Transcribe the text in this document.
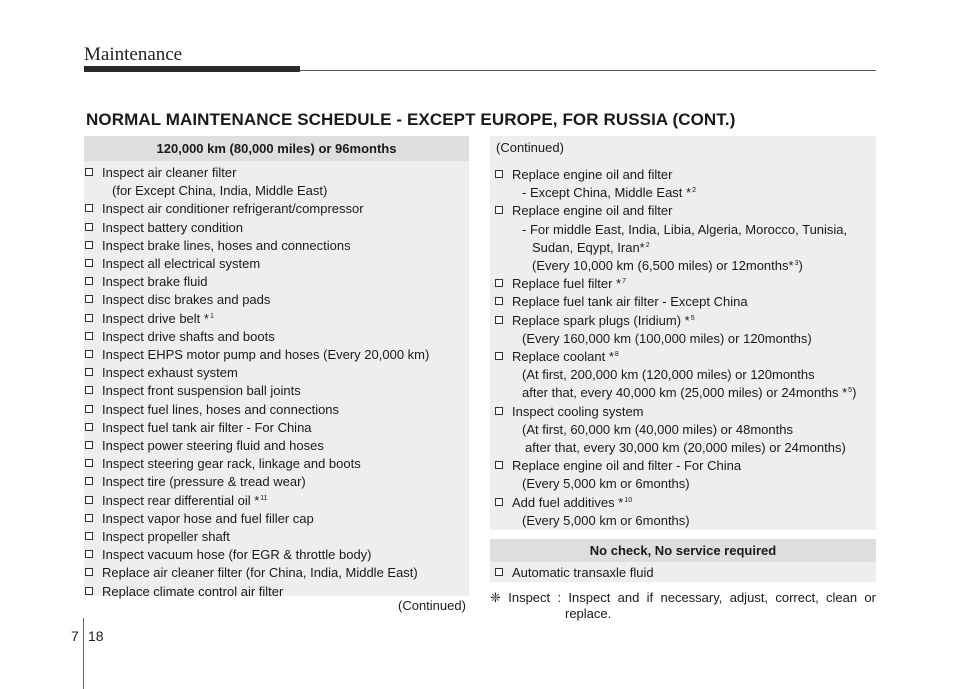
Maintenance
NORMAL MAINTENANCE SCHEDULE - EXCEPT EUROPE, FOR RUSSIA (CONT.)
120,000 km (80,000 miles) or 96months
Inspect air cleaner filter
(for Except China, India, Middle East)
Inspect air conditioner refrigerant/compressor
Inspect battery condition
Inspect brake lines, hoses and connections
Inspect all electrical system
Inspect brake fluid
Inspect disc brakes and pads
Inspect drive belt *$^1$
Inspect drive shafts and boots
Inspect EHPS motor pump and hoses (Every 20,000 km)
Inspect exhaust system
Inspect front suspension ball joints
Inspect fuel lines, hoses and connections
Inspect fuel tank air filter - For China
Inspect power steering fluid and hoses
Inspect steering gear rack, linkage and boots
Inspect tire (pressure & tread wear)
Inspect rear differential oil *$^{11}$
Inspect vapor hose and fuel filler cap
Inspect propeller shaft
Inspect vacuum hose (for EGR & throttle body)
Replace air cleaner filter (for China, India, Middle East)
Replace climate control air filter
(Continued)
(Continued)
Replace engine oil and filter
- Except China, Middle East *$^2$
Replace engine oil and filter
- For middle East, India, Libia, Algeria, Morocco, Tunisia,
Sudan, Eqypt, Iran*$^2$
(Every 10,000 km (6,500 miles) or 12months*$^3$)
Replace fuel filter *$^7$
Replace fuel tank air filter - Except China
Replace spark plugs (Iridium) *$^5$
(Every 160,000 km (100,000 miles) or 120months)
Replace coolant *$^8$
(At first, 200,000 km (120,000 miles) or 120months
after that, every 40,000 km (25,000 miles) or 24months *$^5$)
Inspect cooling system
(At first, 60,000 km (40,000 miles) or 48months
after that, every 30,000 km (20,000 miles) or 24months)
Replace engine oil and filter - For China
(Every 5,000 km or 6months)
Add fuel additives *$^{10}$
(Every 5,000 km or 6months)
No check, No service required
Automatic transaxle fluid
❈ Inspect : Inspect and if necessary, adjust, correct, clean or
replace.
7 18
